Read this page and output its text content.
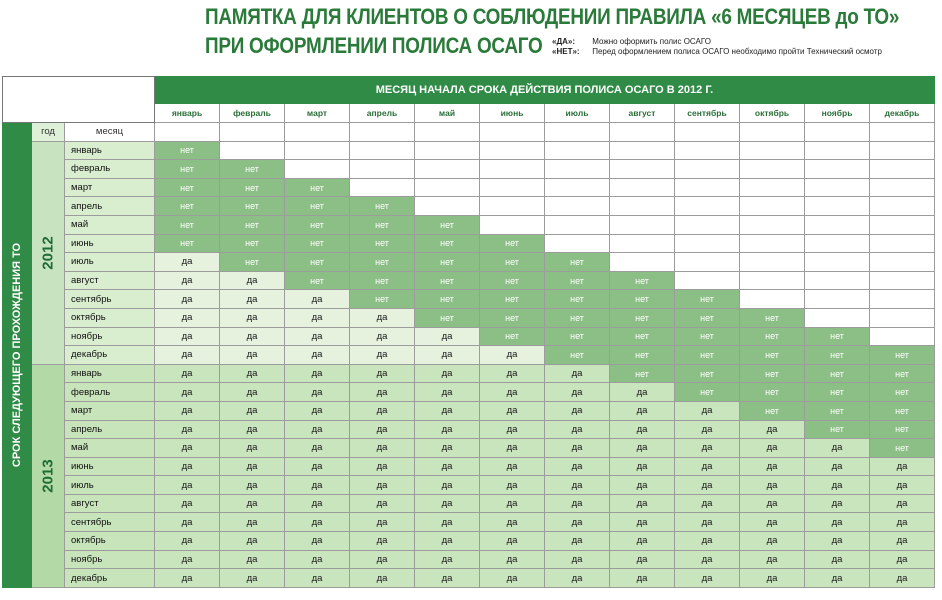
ПАМЯТКА ДЛЯ КЛИЕНТОВ О СОБЛЮДЕНИИ ПРАВИЛА «6 МЕСЯЦЕВ до ТО»
ПРИ ОФОРМЛЕНИИ ПОЛИСА ОСАГО «ДА»: Можно оформить полис ОСАГО
«НЕТ»: Перед оформлением полиса ОСАГО необходимо пройти Технический осмотр
			МЕСЯЦ НАЧАЛА СРОКА ДЕЙСТВИЯ ПОЛИСА ОСАГО В 2012 Г.											
			январь	февраль	март	апрель	май	июнь	июль	август	сентябрь	октябрь	ноябрь	декабрь

СРОК СЛЕДУЮЩЕГО ПРОХОЖДЕНИЯ ТО	год	месяц												

	2012	январь	нет											
		февраль	нет	нет										
		март	нет	нет	нет									
		апрель	нет	нет	нет	нет								
		май	нет	нет	нет	нет	нет							
		июнь	нет	нет	нет	нет	нет	нет						
		июль	да	нет	нет	нет	нет	нет	нет					
		август	да	да	нет	нет	нет	нет	нет	нет				
		сентябрь	да	да	да	нет	нет	нет	нет	нет	нет			
		октябрь	да	да	да	да	нет	нет	нет	нет	нет	нет		
		ноябрь	да	да	да	да	да	нет	нет	нет	нет	нет	нет	
		декабрь	да	да	да	да	да	да	нет	нет	нет	нет	нет	нет

	2013	январь	да	да	да	да	да	да	да	нет	нет	нет	нет	нет
		февраль	да	да	да	да	да	да	да	да	нет	нет	нет	нет
		март	да	да	да	да	да	да	да	да	да	нет	нет	нет
		апрель	да	да	да	да	да	да	да	да	да	да	нет	нет
		май	да	да	да	да	да	да	да	да	да	да	да	нет
		июнь	да	да	да	да	да	да	да	да	да	да	да	да
		июль	да	да	да	да	да	да	да	да	да	да	да	да
		август	да	да	да	да	да	да	да	да	да	да	да	да
		сентябрь	да	да	да	да	да	да	да	да	да	да	да	да
		октябрь	да	да	да	да	да	да	да	да	да	да	да	да
		ноябрь	да	да	да	да	да	да	да	да	да	да	да	да
		декабрь	да	да	да	да	да	да	да	да	да	да	да	да
